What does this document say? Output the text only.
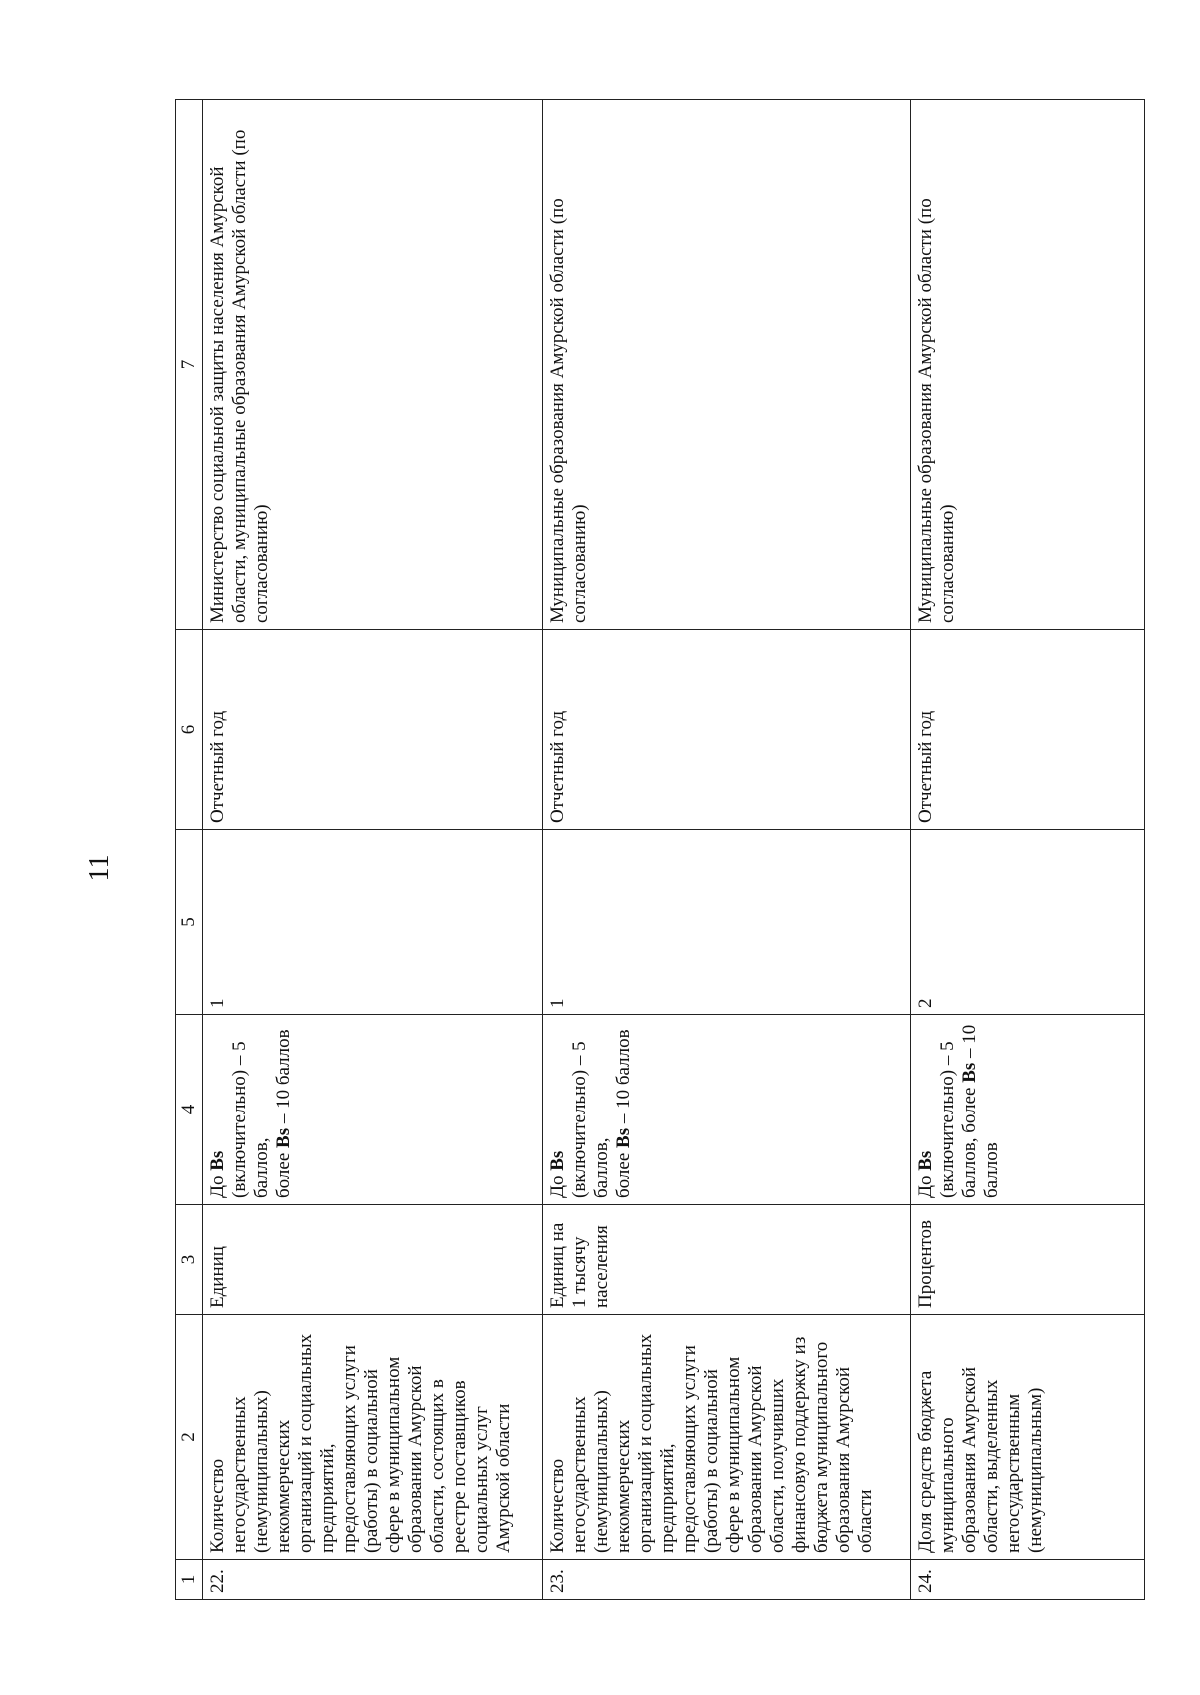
11
1	2	3	4	5	6	7
22.	Количество негосударственных (немуниципальных) некоммерческих организаций и социальных предприятий, предоставляющих услуги (работы) в социальной сфере в муниципальном образовании Амурской области, состоящих в реестре поставщиков социальных услуг Амурской области	Единиц	До Bs (включительно) – 5 баллов,
более Bs – 10 баллов	1	Отчетный год	Министерство социальной защиты населения Амурской области, муниципальные образования Амурской области (по согласованию)
23.	Количество негосударственных (немуниципальных) некоммерческих организаций и социальных предприятий, предоставляющих услуги (работы) в социальной сфере в муниципальном образовании Амурской области, получивших финансовую поддержку из бюджета муниципального образования Амурской области	Единиц на 1 тысячу населения	До Bs (включительно) – 5 баллов,
более Bs – 10 баллов	1	Отчетный год	Муниципальные образования Амурской области (по согласованию)
24.	Доля средств бюджета муниципального образования Амурской области, выделенных негосударственным (немуниципальным)	Процентов	До Bs (включительно) – 5 баллов, более Bs – 10 баллов	2	Отчетный год	Муниципальные образования Амурской области (по согласованию)
